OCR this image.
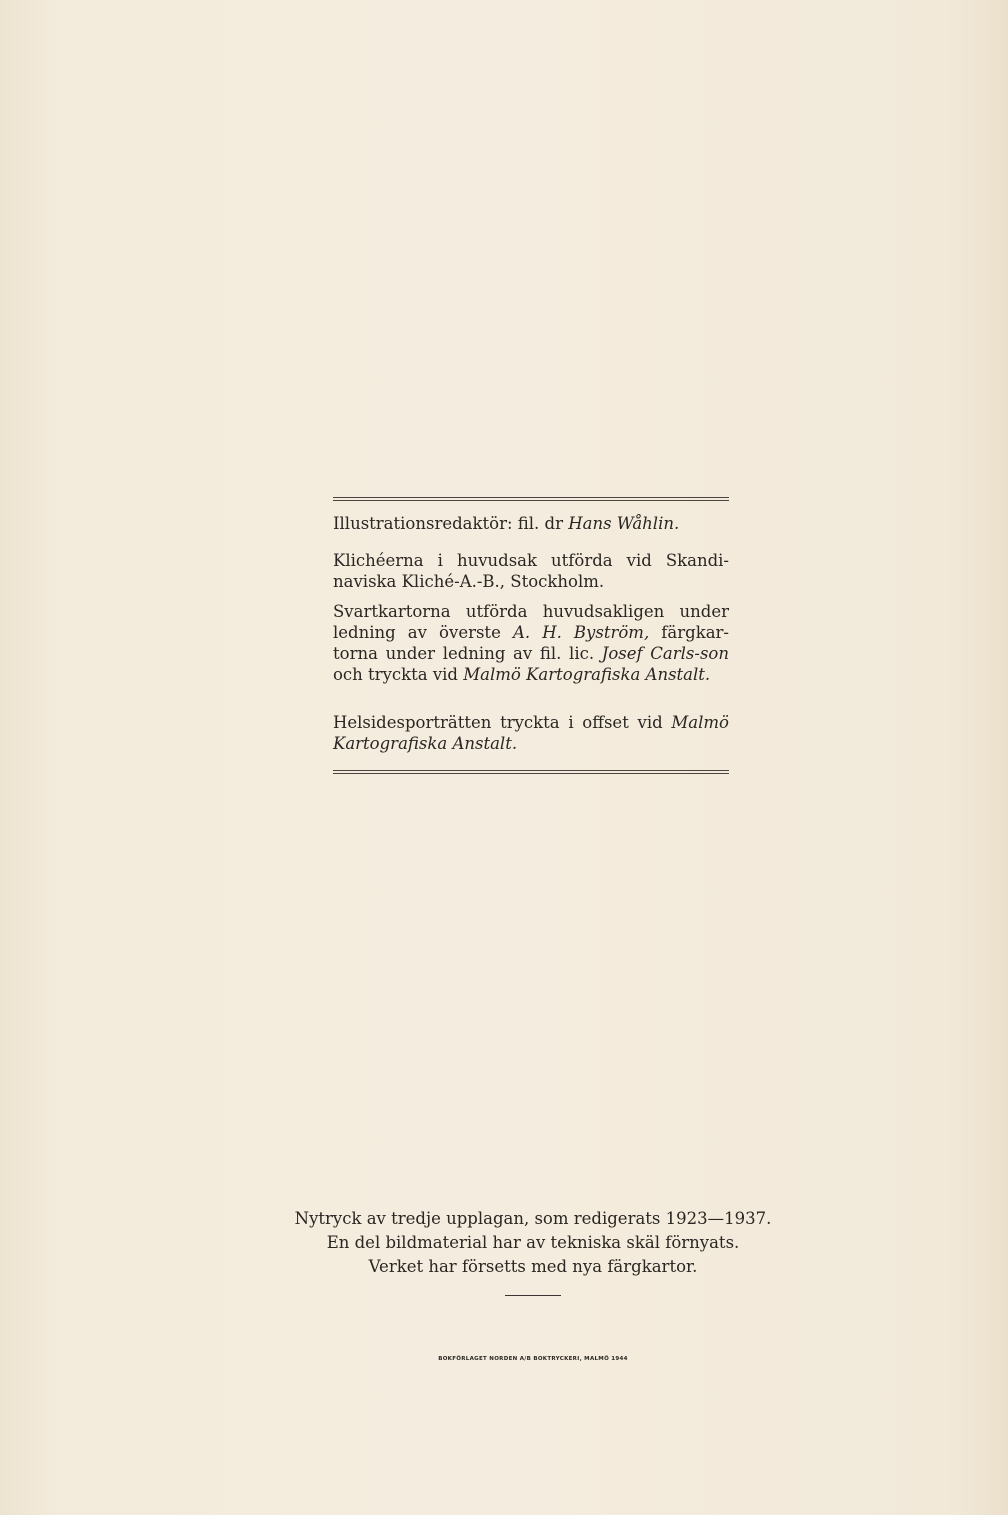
Illustrationsredaktör: fil. dr Hans Wåhlin.

Klichéerna i huvudsak utförda vid Skandi-naviska Kliché-A.-B., Stockholm.

Svartkartorna utförda huvudsakligen under ledning av överste A. H. Byström, färgkar-torna under ledning av fil. lic. Josef Carls-son och tryckta vid Malmö Kartografiska Anstalt.

Helsidesporträtten tryckta i offset vid Malmö Kartografiska Anstalt.

Nytryck av tredje upplagan, som redigerats 1923—1937.
En del bildmaterial har av tekniska skäl förnyats.
Verket har försetts med nya färgkartor.
BOKFÖRLAGET NORDEN A/B BOKTRYCKERI, MALMÖ 1944
